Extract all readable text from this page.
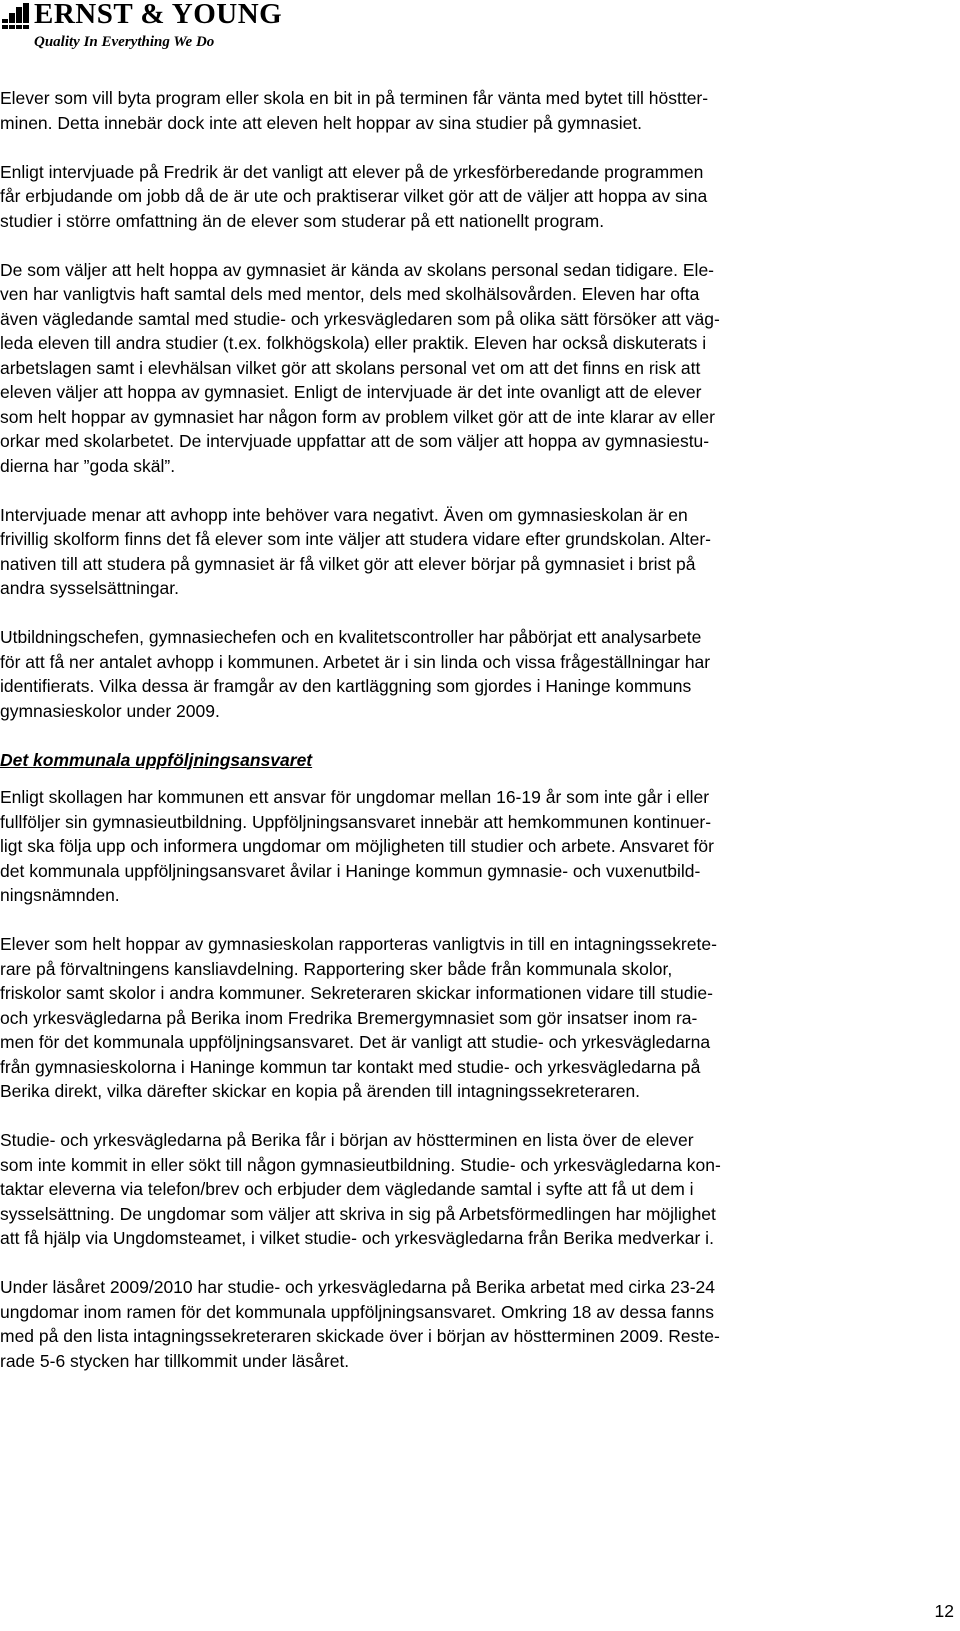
ERNST & YOUNG
Quality In Everything We Do

Elever som vill byta program eller skola en bit in på terminen får vänta med bytet till höstter-
minen. Detta innebär dock inte att eleven helt hoppar av sina studier på gymnasiet.

Enligt intervjuade på Fredrik är det vanligt att elever på de yrkesförberedande programmen
får erbjudande om jobb då de är ute och praktiserar vilket gör att de väljer att hoppa av sina
studier i större omfattning än de elever som studerar på ett nationellt program.

De som väljer att helt hoppa av gymnasiet är kända av skolans personal sedan tidigare. Ele-
ven har vanligtvis haft samtal dels med mentor, dels med skolhälsovården. Eleven har ofta
även vägledande samtal med studie- och yrkesvägledaren som på olika sätt försöker att väg-
leda eleven till andra studier (t.ex. folkhögskola) eller praktik. Eleven har också diskuterats i
arbetslagen samt i elevhälsan vilket gör att skolans personal vet om att det finns en risk att
eleven väljer att hoppa av gymnasiet. Enligt de intervjuade är det inte ovanligt att de elever
som helt hoppar av gymnasiet har någon form av problem vilket gör att de inte klarar av eller
orkar med skolarbetet. De intervjuade uppfattar att de som väljer att hoppa av gymnasiestu-
dierna har ”goda skäl”.

Intervjuade menar att avhopp inte behöver vara negativt. Även om gymnasieskolan är en
frivillig skolform finns det få elever som inte väljer att studera vidare efter grundskolan. Alter-
nativen till att studera på gymnasiet är få vilket gör att elever börjar på gymnasiet i brist på
andra sysselsättningar.

Utbildningschefen, gymnasiechefen och en kvalitetscontroller har påbörjat ett analysarbete
för att få ner antalet avhopp i kommunen. Arbetet är i sin linda och vissa frågeställningar har
identifierats. Vilka dessa är framgår av den kartläggning som gjordes i Haninge kommuns
gymnasieskolor under 2009.

Det kommunala uppföljningsansvaret

Enligt skollagen har kommunen ett ansvar för ungdomar mellan 16-19 år som inte går i eller
fullföljer sin gymnasieutbildning. Uppföljningsansvaret innebär att hemkommunen kontinuer-
ligt ska följa upp och informera ungdomar om möjligheten till studier och arbete. Ansvaret för
det kommunala uppföljningsansvaret åvilar i Haninge kommun gymnasie- och vuxenutbild-
ningsnämnden.

Elever som helt hoppar av gymnasieskolan rapporteras vanligtvis in till en intagningssekrete-
rare på förvaltningens kansliavdelning. Rapportering sker både från kommunala skolor,
friskolor samt skolor i andra kommuner. Sekreteraren skickar informationen vidare till studie-
och yrkesvägledarna på Berika inom Fredrika Bremergymnasiet som gör insatser inom ra-
men för det kommunala uppföljningsansvaret. Det är vanligt att studie- och yrkesvägledarna
från gymnasieskolorna i Haninge kommun tar kontakt med studie- och yrkesvägledarna på
Berika direkt, vilka därefter skickar en kopia på ärenden till intagningssekreteraren.

Studie- och yrkesvägledarna på Berika får i början av höstterminen en lista över de elever
som inte kommit in eller sökt till någon gymnasieutbildning. Studie- och yrkesvägledarna kon-
taktar eleverna via telefon/brev och erbjuder dem vägledande samtal i syfte att få ut dem i
sysselsättning. De ungdomar som väljer att skriva in sig på Arbetsförmedlingen har möjlighet
att få hjälp via Ungdomsteamet, i vilket studie- och yrkesvägledarna från Berika medverkar i.

Under läsåret 2009/2010 har studie- och yrkesvägledarna på Berika arbetat med cirka 23-24
ungdomar inom ramen för det kommunala uppföljningsansvaret. Omkring 18 av dessa fanns
med på den lista intagningssekreteraren skickade över i början av höstterminen 2009. Reste-
rade 5-6 stycken har tillkommit under läsåret.

12
